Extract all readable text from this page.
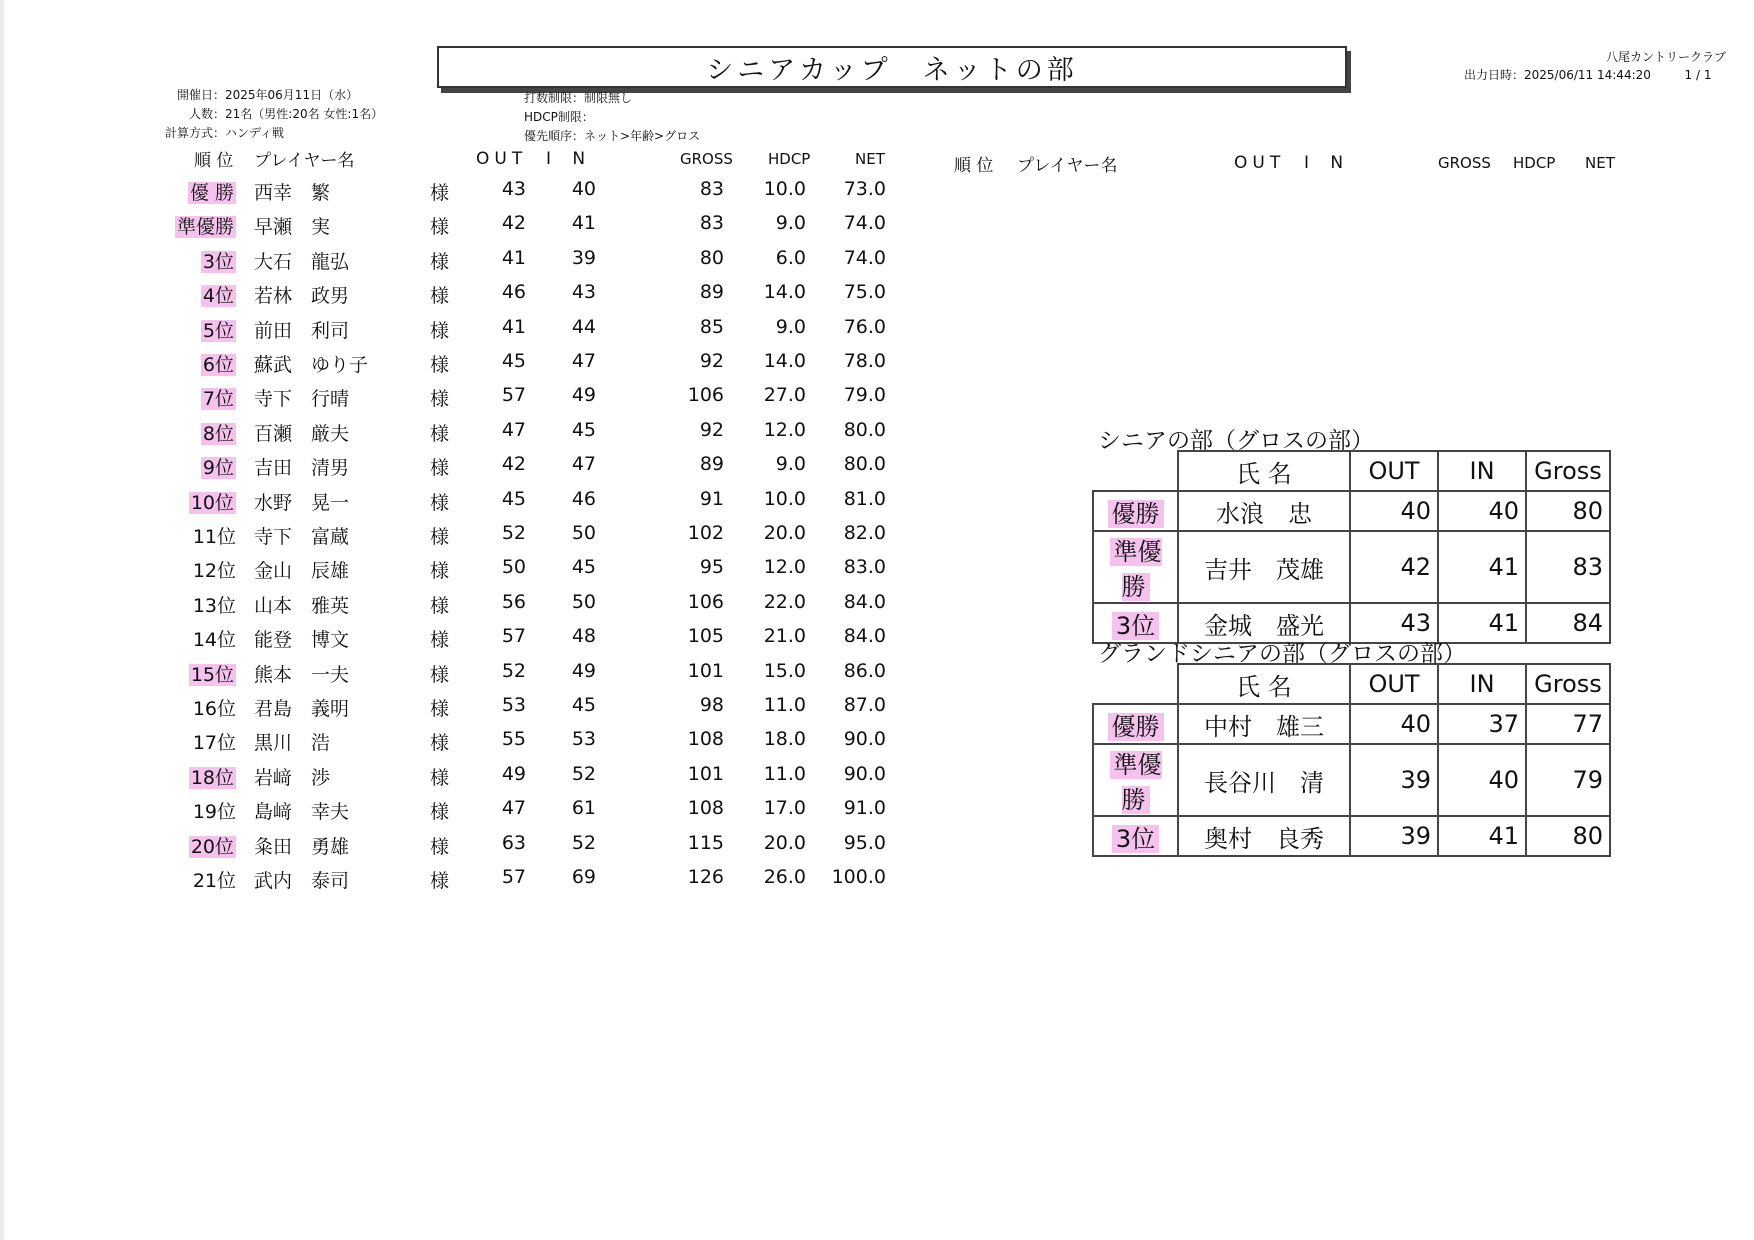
シニアカップ　ネットの部	八尾カントリークラブ
出力日時：2025/06/11 14:44:20	1 / 1
開催日：2025年06月11日（水）
人数：21名（男性:20名 女性:1名）
計算方式：ハンディ戦
打数制限：制限無し
HDCP制限：
優先順序：ネット>年齢>グロス
順 位 プレイヤー名	OUT I N	GROSS HDCP	NET	順 位 プレイヤー名	OUT I N	GROSS HDCP NET
優 勝 西幸　繁	様	43	40	83	10.0	73.0
準優勝 早瀬　実	様	42	41	83	9.0	74.0
3位 大石　龍弘	様	41	39	80	6.0	74.0
4位 若林　政男	様	46	43	89	14.0	75.0
5位 前田　利司	様	41	44	85	9.0	76.0
6位 蘇武　ゆり子	様	45	47	92	14.0	78.0
7位 寺下　行晴	様	57	49	106	27.0	79.0
8位 百瀬　厳夫	様	47	45	92	12.0	80.0
9位 吉田　清男	様	42	47	89	9.0	80.0
10位 水野　晃一	様	45	46	91	10.0	81.0
11位 寺下　富蔵	様	52	50	102	20.0	82.0
12位 金山　辰雄	様	50	45	95	12.0	83.0
13位 山本　雅英	様	56	50	106	22.0	84.0
14位 能登　博文	様	57	48	105	21.0	84.0
15位 熊本　一夫	様	52	49	101	15.0	86.0
16位 君島　義明	様	53	45	98	11.0	87.0
17位 黒川　浩	様	55	53	108	18.0	90.0
18位 岩﨑　渉	様	49	52	101	11.0	90.0
19位 島﨑　幸夫	様	47	61	108	17.0	91.0
20位 粂田　勇雄	様	63	52	115	20.0	95.0
21位 武内　泰司	様	57	69	126	26.0	100.0
シニアの部（グロスの部）
	氏 名	OUT	IN	Gross
優勝	水浪　忠	40	40	80
準優勝	吉井　茂雄	42	41	83
3位	金城　盛光	43	41	84
グランドシニアの部（グロスの部）
	氏 名	OUT	IN	Gross
優勝	中村　雄三	40	37	77
準優勝	長谷川　清	39	40	79
3位	奥村　良秀	39	41	80
